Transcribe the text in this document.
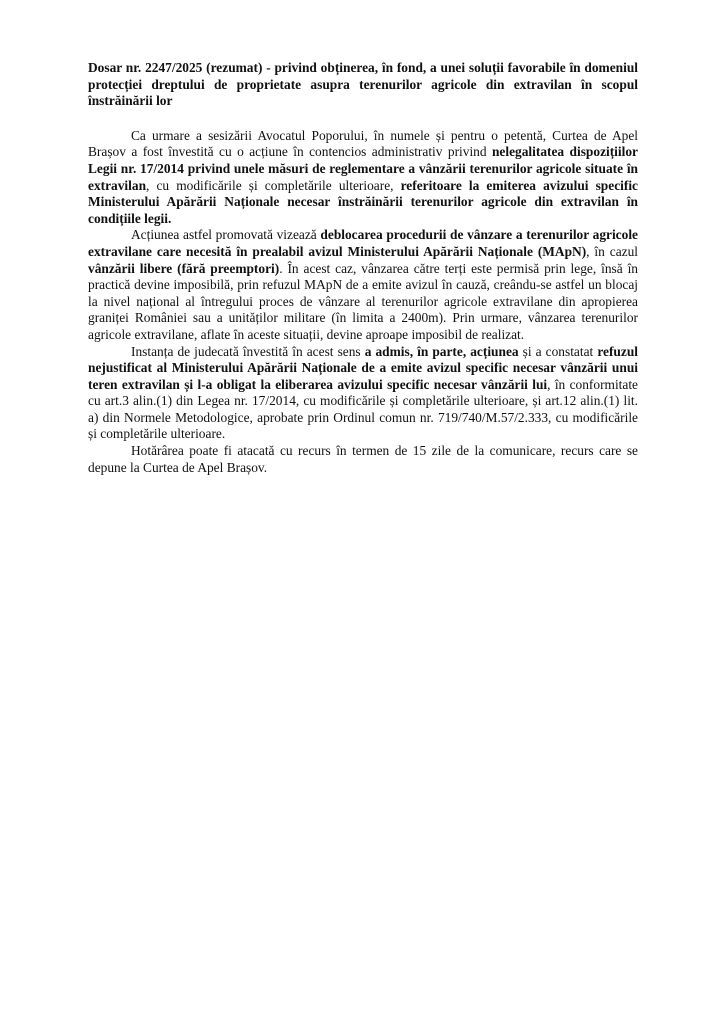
Dosar nr. 2247/2025 (rezumat) - privind obținerea, în fond, a unei soluții favorabile în domeniul protecției dreptului de proprietate asupra terenurilor agricole din extravilan în scopul înstrăinării lor

Ca urmare a sesizării Avocatul Poporului, în numele și pentru o petentă, Curtea de Apel Brașov a fost învestită cu o acțiune în contencios administrativ privind nelegalitatea dispozițiilor Legii nr. 17/2014 privind unele măsuri de reglementare a vânzării terenurilor agricole situate în extravilan, cu modificările și completările ulterioare, referitoare la emiterea avizului specific Ministerului Apărării Naționale necesar înstrăinării terenurilor agricole din extravilan în condițiile legii.

Acțiunea astfel promovată vizează deblocarea procedurii de vânzare a terenurilor agricole extravilane care necesită în prealabil avizul Ministerului Apărării Naționale (MApN), în cazul vânzării libere (fără preemptori). În acest caz, vânzarea către terți este permisă prin lege, însă în practică devine imposibilă, prin refuzul MApN de a emite avizul în cauză, creându-se astfel un blocaj la nivel național al întregului proces de vânzare al terenurilor agricole extravilane din apropierea graniței României sau a unităților militare (în limita a 2400m). Prin urmare, vânzarea terenurilor agricole extravilane, aflate în aceste situații, devine aproape imposibil de realizat.

Instanța de judecată învestită în acest sens a admis, în parte, acțiunea și a constatat refuzul nejustificat al Ministerului Apărării Naționale de a emite avizul specific necesar vânzării unui teren extravilan și l-a obligat la eliberarea avizului specific necesar vânzării lui, în conformitate cu art.3 alin.(1) din Legea nr. 17/2014, cu modificările și completările ulterioare, și art.12 alin.(1) lit. a) din Normele Metodologice, aprobate prin Ordinul comun nr. 719/740/M.57/2.333, cu modificările și completările ulterioare.

Hotărârea poate fi atacată cu recurs în termen de 15 zile de la comunicare, recurs care se depune la Curtea de Apel Brașov.
